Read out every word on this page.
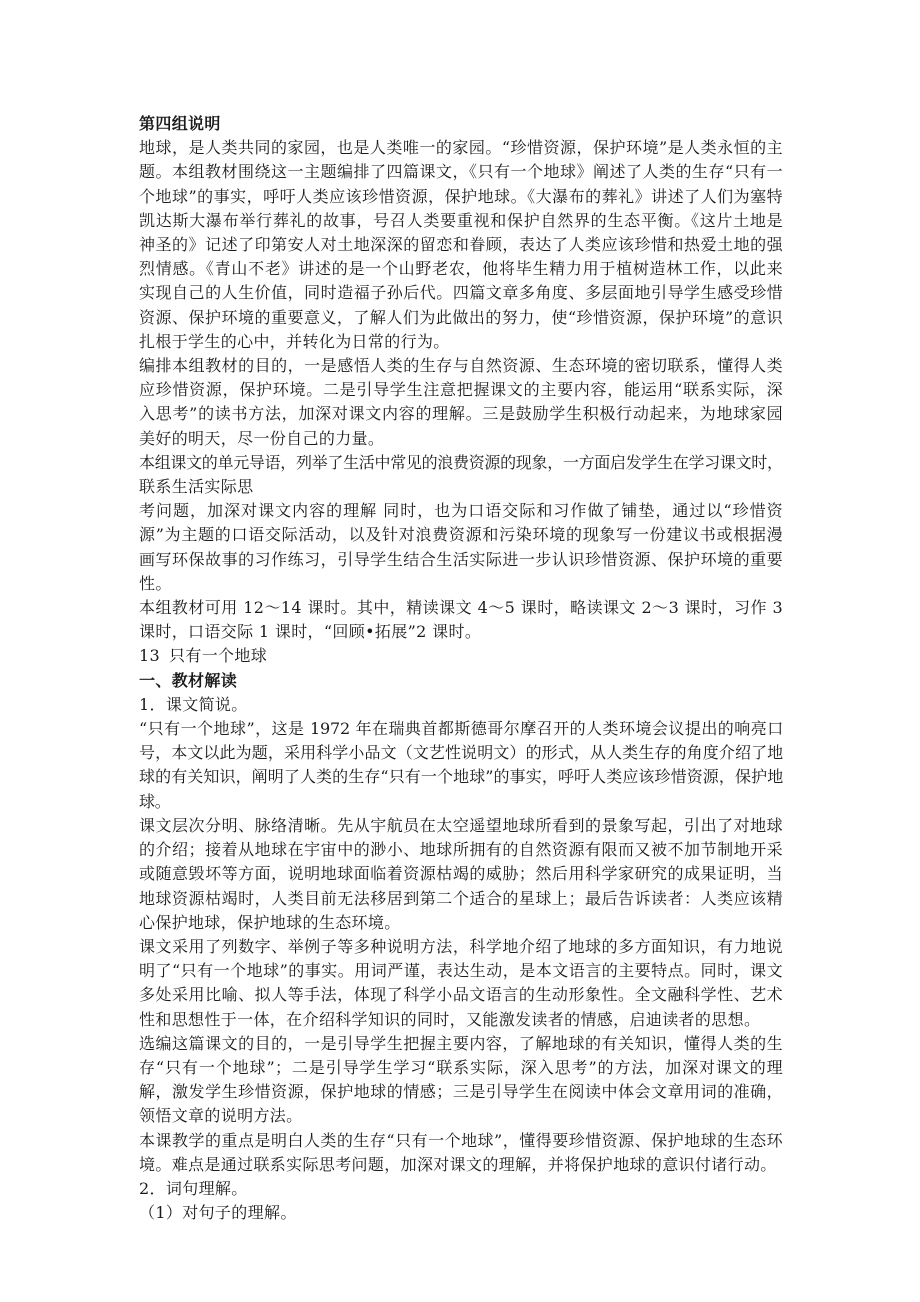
第四组说明

地球，是人类共同的家园，也是人类唯一的家园。“珍惜资源，保护环境”是人类永恒的主题。本组教材围绕这一主题编排了四篇课文，《只有一个地球》阐述了人类的生存“只有一个地球”的事实，呼吁人类应该珍惜资源，保护地球。《大瀑布的葬礼》讲述了人们为塞特凯达斯大瀑布举行葬礼的故事，号召人类要重视和保护自然界的生态平衡。《这片土地是神圣的》记述了印第安人对土地深深的留恋和眷顾，表达了人类应该珍惜和热爱土地的强烈情感。《青山不老》讲述的是一个山野老农，他将毕生精力用于植树造林工作，以此来实现自己的人生价值，同时造福子孙后代。四篇文章多角度、多层面地引导学生感受珍惜资源、保护环境的重要意义，了解人们为此做出的努力，使“珍惜资源，保护环境”的意识扎根于学生的心中，并转化为日常的行为。

编排本组教材的目的，一是感悟人类的生存与自然资源、生态环境的密切联系，懂得人类应珍惜资源，保护环境。二是引导学生注意把握课文的主要内容，能运用“联系实际，深入思考”的读书方法，加深对课文内容的理解。三是鼓励学生积极行动起来，为地球家园美好的明天，尽一份自己的力量。

本组课文的单元导语，列举了生活中常见的浪费资源的现象，一方面启发学生在学习课文时，

联系生活实际思

考问题，加深对课文内容的理解 同时，也为口语交际和习作做了铺垫，通过以“珍惜资源”为主题的口语交际活动，以及针对浪费资源和污染环境的现象写一份建议书或根据漫画写环保故事的习作练习，引导学生结合生活实际进一步认识珍惜资源、保护环境的重要性。

本组教材可用 12～14 课时。其中，精读课文 4～5 课时，略读课文 2～3 课时，习作 3 课时，口语交际 1 课时，“回顾•拓展”2 课时。

13 只有一个地球

一、教材解读

1．课文简说。

“只有一个地球”，这是 1972 年在瑞典首都斯德哥尔摩召开的人类环境会议提出的响亮口号，本文以此为题，采用科学小品文（文艺性说明文）的形式，从人类生存的角度介绍了地球的有关知识，阐明了人类的生存“只有一个地球”的事实，呼吁人类应该珍惜资源，保护地球。

课文层次分明、脉络清晰。先从宇航员在太空遥望地球所看到的景象写起，引出了对地球的介绍；接着从地球在宇宙中的渺小、地球所拥有的自然资源有限而又被不加节制地开采或随意毁坏等方面，说明地球面临着资源枯竭的威胁；然后用科学家研究的成果证明，当地球资源枯竭时，人类目前无法移居到第二个适合的星球上；最后告诉读者：人类应该精心保护地球，保护地球的生态环境。

课文采用了列数字、举例子等多种说明方法，科学地介绍了地球的多方面知识，有力地说明了“只有一个地球”的事实。用词严谨，表达生动，是本文语言的主要特点。同时，课文多处采用比喻、拟人等手法，体现了科学小品文语言的生动形象性。全文融科学性、艺术性和思想性于一体，在介绍科学知识的同时，又能激发读者的情感，启迪读者的思想。

选编这篇课文的目的，一是引导学生把握主要内容，了解地球的有关知识，懂得人类的生存“只有一个地球”；二是引导学生学习“联系实际，深入思考”的方法，加深对课文的理解，激发学生珍惜资源，保护地球的情感；三是引导学生在阅读中体会文章用词的准确，领悟文章的说明方法。

本课教学的重点是明白人类的生存“只有一个地球”，懂得要珍惜资源、保护地球的生态环境。难点是通过联系实际思考问题，加深对课文的理解，并将保护地球的意识付诸行动。

2．词句理解。

（1）对句子的理解。
